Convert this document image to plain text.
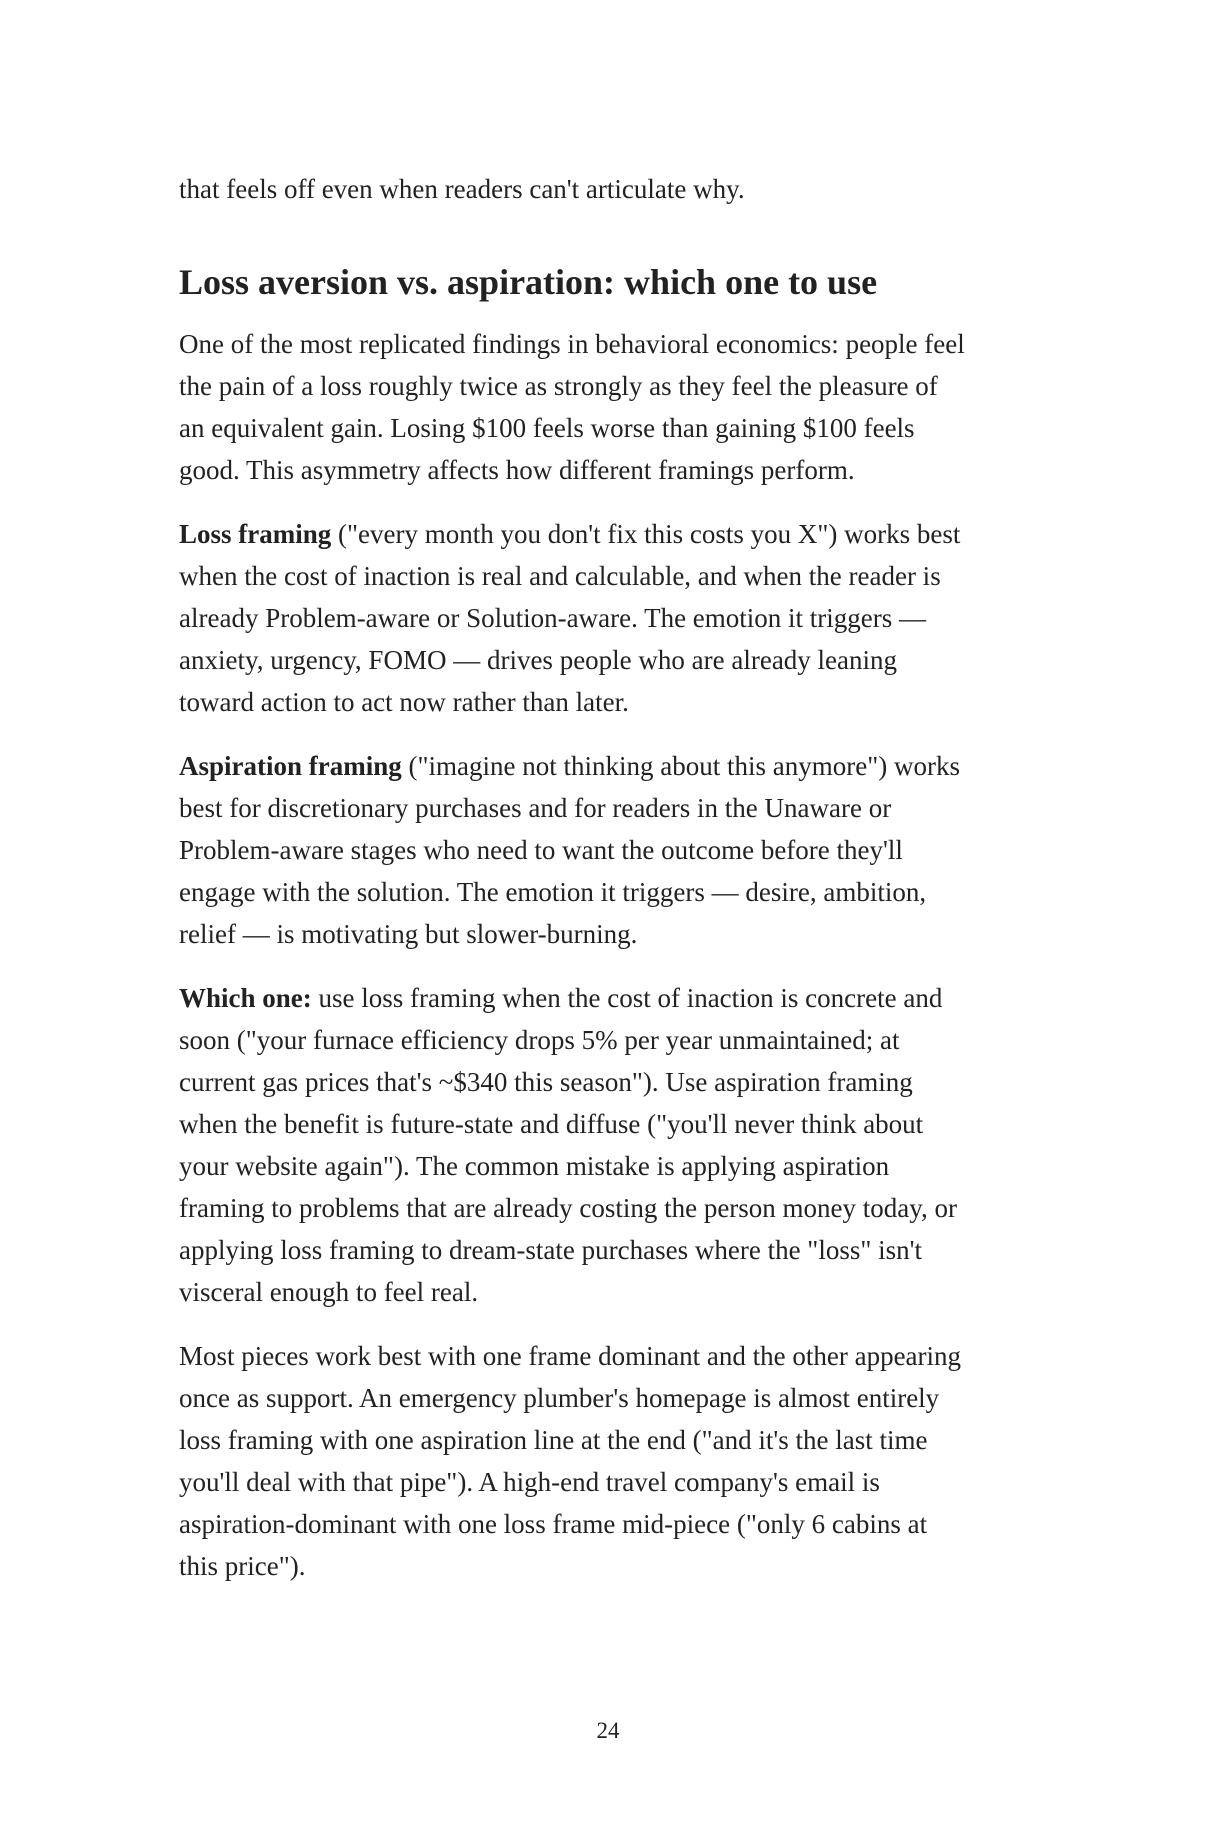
that feels off even when readers can't articulate why.

Loss aversion vs. aspiration: which one to use

One of the most replicated findings in behavioral economics: people feel
the pain of a loss roughly twice as strongly as they feel the pleasure of
an equivalent gain. Losing $100 feels worse than gaining $100 feels
good. This asymmetry affects how different framings perform.

Loss framing ("every month you don't fix this costs you X") works best
when the cost of inaction is real and calculable, and when the reader is
already Problem-aware or Solution-aware. The emotion it triggers —
anxiety, urgency, FOMO — drives people who are already leaning
toward action to act now rather than later.

Aspiration framing ("imagine not thinking about this anymore") works
best for discretionary purchases and for readers in the Unaware or
Problem-aware stages who need to want the outcome before they'll
engage with the solution. The emotion it triggers — desire, ambition,
relief — is motivating but slower-burning.

Which one: use loss framing when the cost of inaction is concrete and
soon ("your furnace efficiency drops 5% per year unmaintained; at
current gas prices that's ~$340 this season"). Use aspiration framing
when the benefit is future-state and diffuse ("you'll never think about
your website again"). The common mistake is applying aspiration
framing to problems that are already costing the person money today, or
applying loss framing to dream-state purchases where the "loss" isn't
visceral enough to feel real.

Most pieces work best with one frame dominant and the other appearing
once as support. An emergency plumber's homepage is almost entirely
loss framing with one aspiration line at the end ("and it's the last time
you'll deal with that pipe"). A high-end travel company's email is
aspiration-dominant with one loss frame mid-piece ("only 6 cabins at
this price").

24
